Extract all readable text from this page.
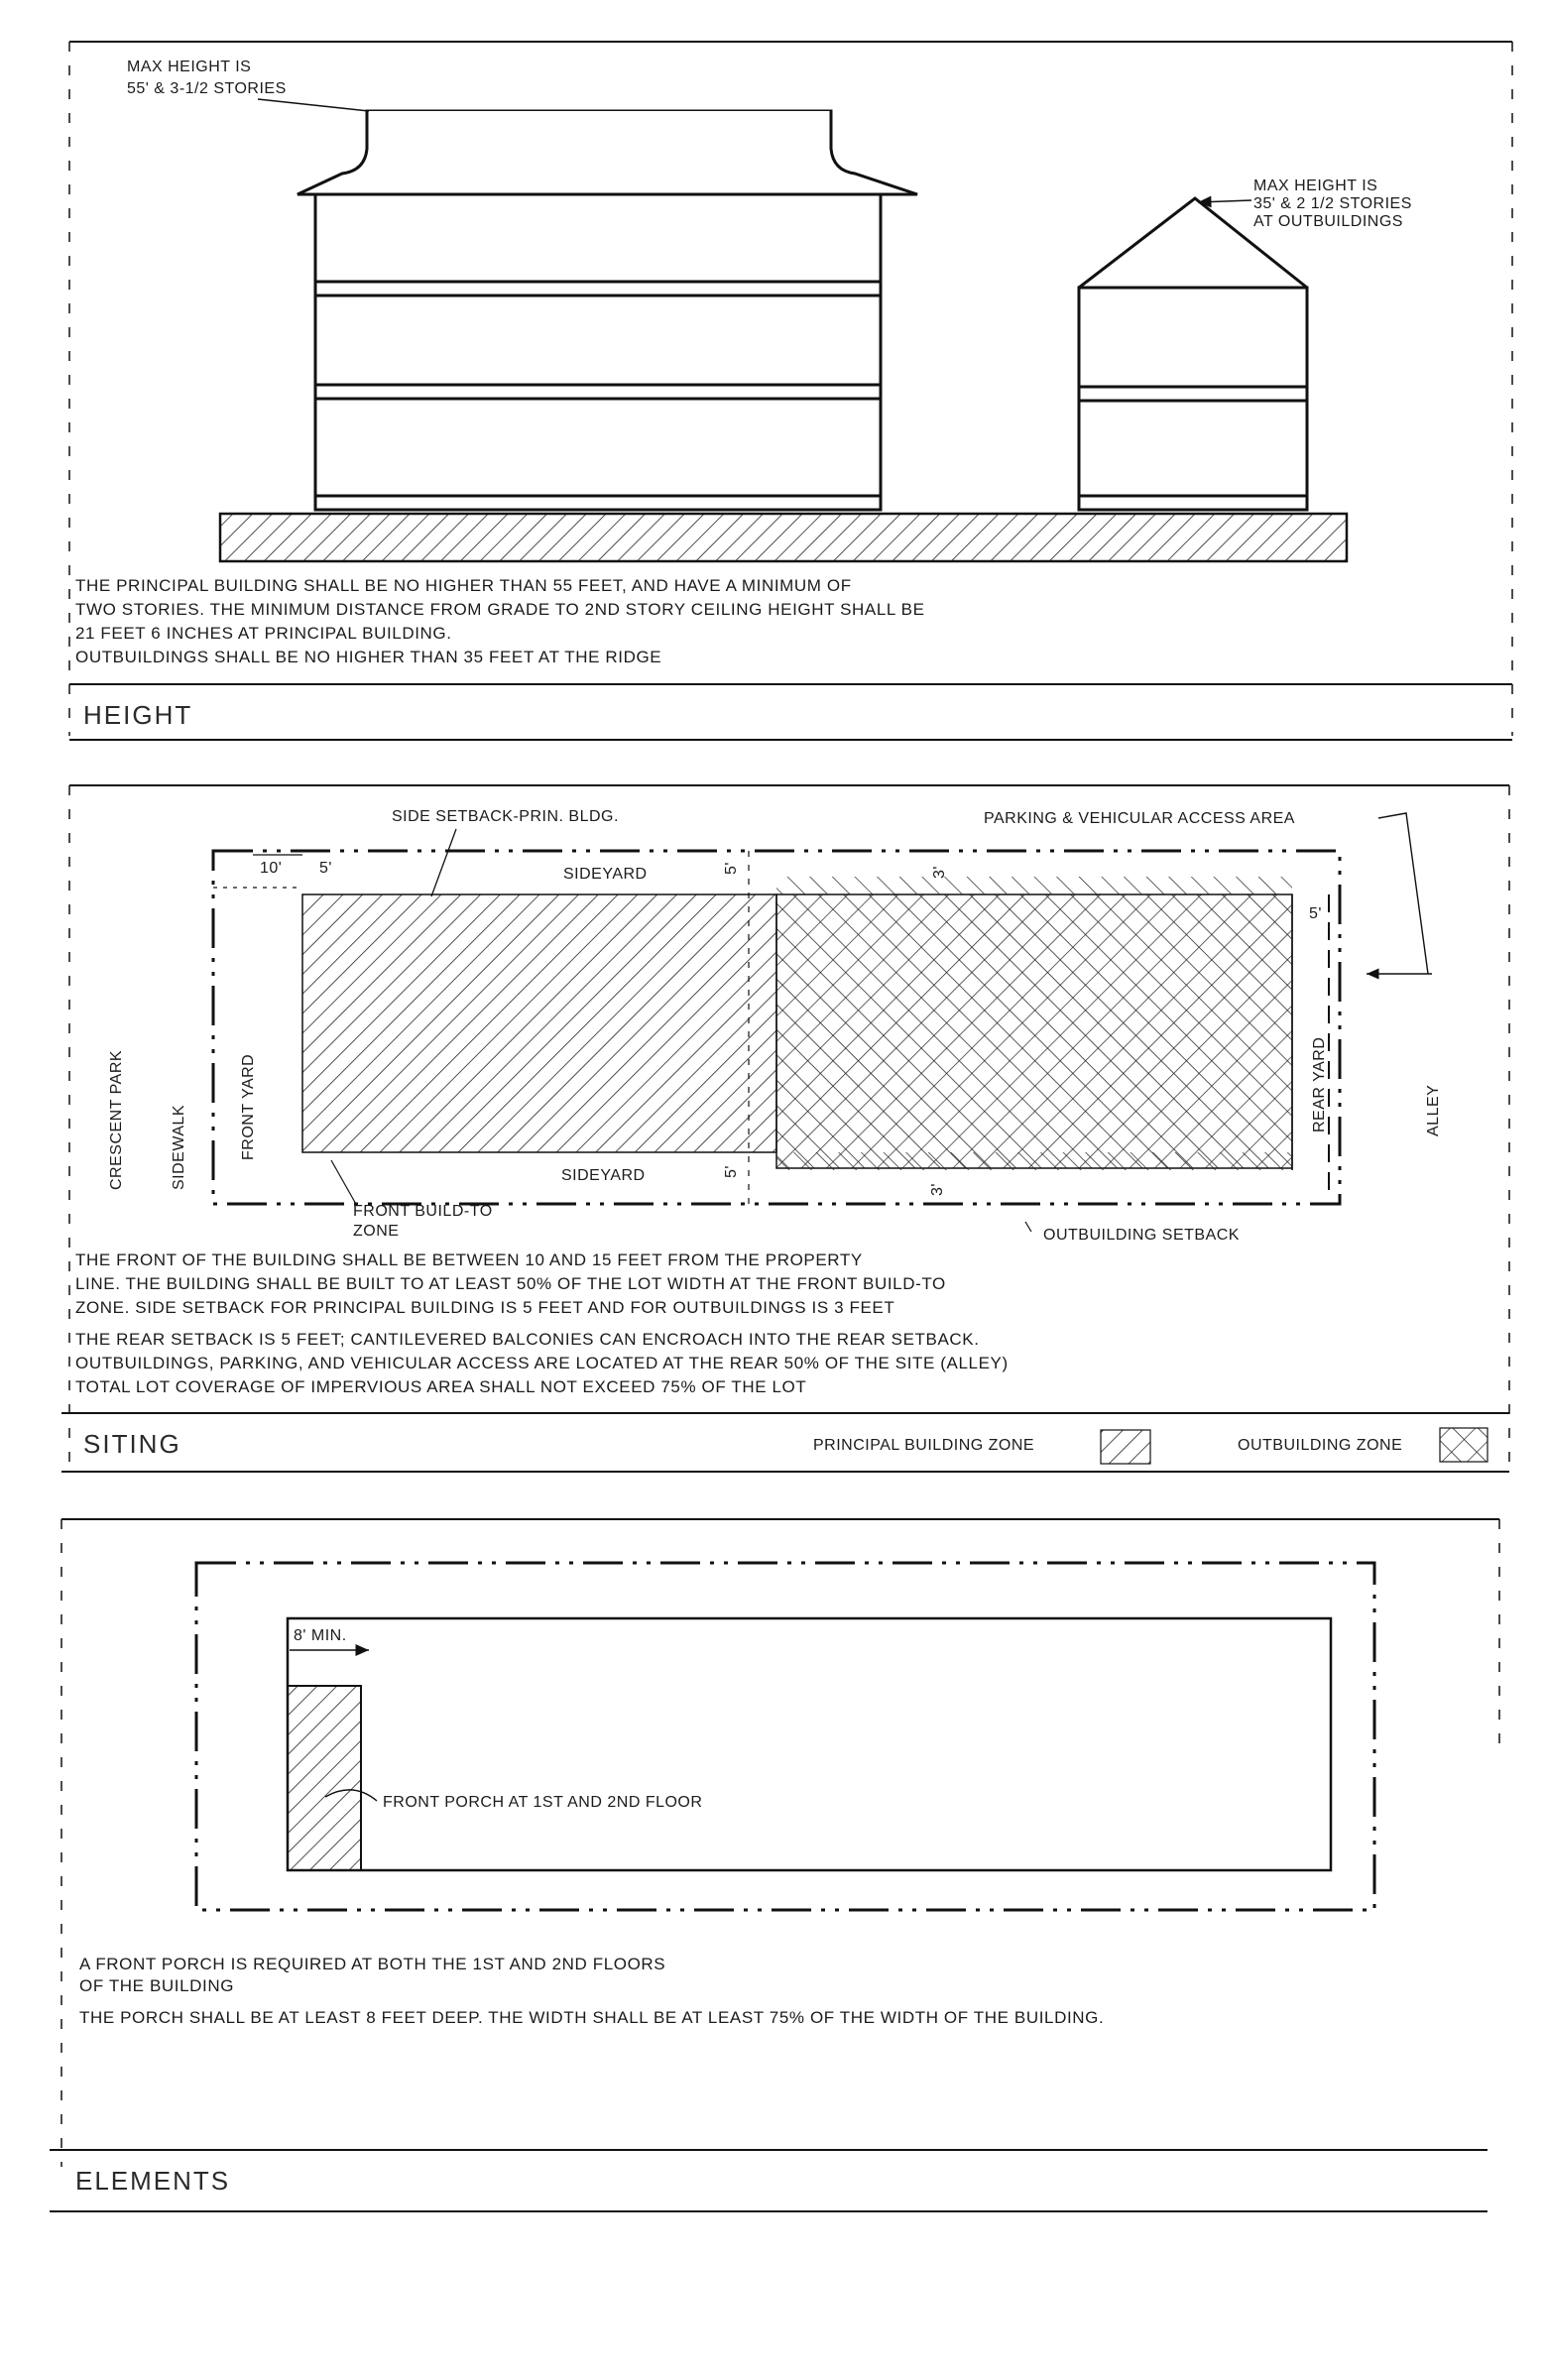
MAX HEIGHT IS
55' & 3-1/2 STORIES
MAX HEIGHT IS
35' & 2 1/2 STORIES
AT OUTBUILDINGS
THE PRINCIPAL BUILDING SHALL BE NO HIGHER THAN 55 FEET, AND HAVE A MINIMUM OF
TWO STORIES. THE MINIMUM DISTANCE FROM GRADE TO 2ND STORY CEILING HEIGHT SHALL BE
21 FEET 6 INCHES AT PRINCIPAL BUILDING.
OUTBUILDINGS SHALL BE NO HIGHER THAN 35 FEET AT THE RIDGE
HEIGHT
SIDE SETBACK-PRIN. BLDG.	PARKING & VEHICULAR ACCESS AREA
10' 5'	SIDEYARD	5'	3'
5'
SIDEYARD	5'
3'
CRESCENT PARK	SIDEWALK	FRONT YARD	REAR YARD	ALLEY
FRONT BUILD-TO
ZONE	OUTBUILDING SETBACK
THE FRONT OF THE BUILDING SHALL BE BETWEEN 10 AND 15 FEET FROM THE PROPERTY
LINE. THE BUILDING SHALL BE BUILT TO AT LEAST 50% OF THE LOT WIDTH AT THE FRONT BUILD-TO
ZONE. SIDE SETBACK FOR PRINCIPAL BUILDING IS 5 FEET AND FOR OUTBUILDINGS IS 3 FEET
THE REAR SETBACK IS 5 FEET; CANTILEVERED BALCONIES CAN ENCROACH INTO THE REAR SETBACK.
OUTBUILDINGS, PARKING, AND VEHICULAR ACCESS ARE LOCATED AT THE REAR 50% OF THE SITE (ALLEY)
TOTAL LOT COVERAGE OF IMPERVIOUS AREA SHALL NOT EXCEED 75% OF THE LOT
SITING	PRINCIPAL BUILDING ZONE	OUTBUILDING ZONE
8' MIN.
FRONT PORCH AT 1ST AND 2ND FLOOR
A FRONT PORCH IS REQUIRED AT BOTH THE 1ST AND 2ND FLOORS
OF THE BUILDING
THE PORCH SHALL BE AT LEAST 8 FEET DEEP. THE WIDTH SHALL BE AT LEAST 75% OF THE WIDTH OF THE BUILDING.
ELEMENTS
